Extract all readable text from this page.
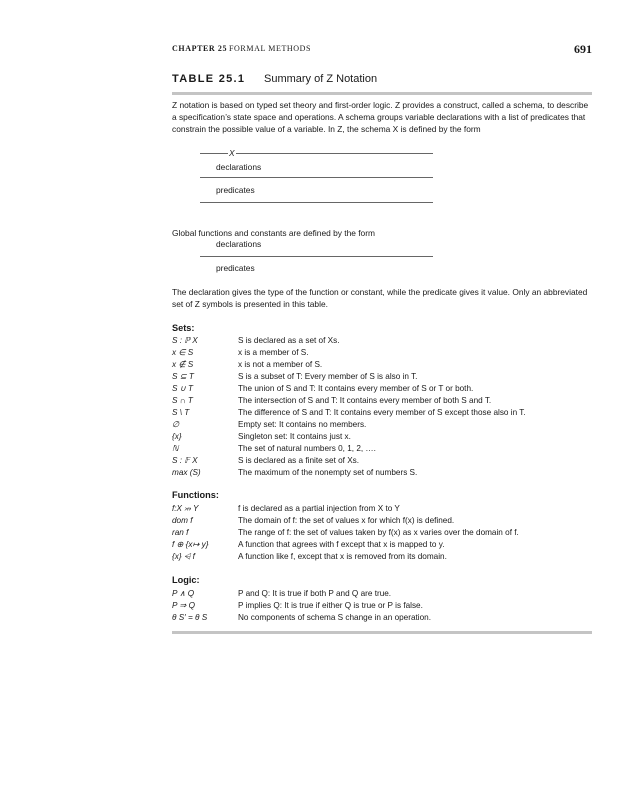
CHAPTER 25 FORMAL METHODS	691
TABLE 25.1 Summary of Z Notation
Z notation is based on typed set theory and first-order logic. Z provides a construct, called a schema, to describe a specification’s state space and operations. A schema groups variable declarations with a list of predicates that constrain the possible value of a variable. In Z, the schema X is defined by the form
X
declarations
predicates
Global functions and constants are defined by the form
declarations
predicates
The declaration gives the type of the function or constant, while the predicate gives it value. Only an abbreviated set of Z symbols is presented in this table.
Sets:
S : ℙ X	S is declared as a set of Xs.
x ∈ S	x is a member of S.
x ∉ S	x is not a member of S.
S ⊆ T	S is a subset of T: Every member of S is also in T.
S ∪ T	The union of S and T: It contains every member of S or T or both.
S ∩ T	The intersection of S and T: It contains every member of both S and T.
S \ T	The difference of S and T: It contains every member of S except those also in T.
∅	Empty set: It contains no members.
{x}	Singleton set: It contains just x.
ℕ	The set of natural numbers 0, 1, 2, ….
S : 𝔽 X	S is declared as a finite set of Xs.
max (S)	The maximum of the nonempty set of numbers S.
Functions:
f:X ⤔ Y	f is declared as a partial injection from X to Y
dom f	The domain of f: the set of values x for which f(x) is defined.
ran f	The range of f: the set of values taken by f(x) as x varies over the domain of f.
f ⊕ {x↦ y}	A function that agrees with f except that x is mapped to y.
{x} ⩤ f	A function like f, except that x is removed from its domain.
Logic:
P ∧ Q	P and Q: It is true if both P and Q are true.
P ⇒ Q	P implies Q: It is true if either Q is true or P is false.
θ S′ = θ S	No components of schema S change in an operation.
